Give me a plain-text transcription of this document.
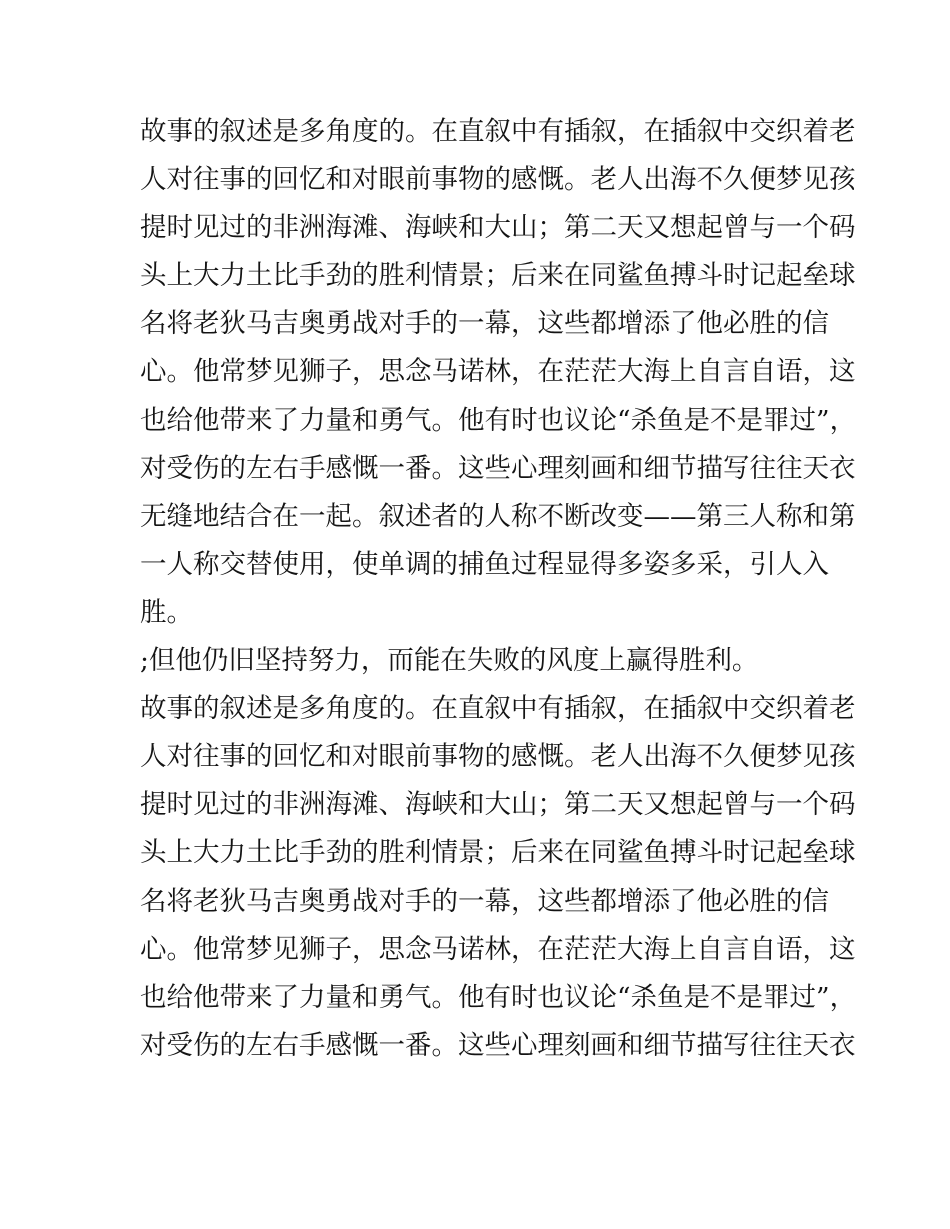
故事的叙述是多角度的。在直叙中有插叙，在插叙中交织着老
人对往事的回忆和对眼前事物的感慨。老人出海不久便梦见孩
提时见过的非洲海滩、海峡和大山；第二天又想起曾与一个码
头上大力土比手劲的胜利情景；后来在同鲨鱼搏斗时记起垒球
名将老狄马吉奥勇战对手的一幕，这些都增添了他必胜的信
心。他常梦见狮子，思念马诺林，在茫茫大海上自言自语，这
也给他带来了力量和勇气。他有时也议论“杀鱼是不是罪过”，
对受伤的左右手感慨一番。这些心理刻画和细节描写往往天衣
无缝地结合在一起。叙述者的人称不断改变——第三人称和第
一人称交替使用，使单调的捕鱼过程显得多姿多采，引人入
胜。
;但他仍旧坚持努力，而能在失败的风度上赢得胜利。
故事的叙述是多角度的。在直叙中有插叙，在插叙中交织着老
人对往事的回忆和对眼前事物的感慨。老人出海不久便梦见孩
提时见过的非洲海滩、海峡和大山；第二天又想起曾与一个码
头上大力土比手劲的胜利情景；后来在同鲨鱼搏斗时记起垒球
名将老狄马吉奥勇战对手的一幕，这些都增添了他必胜的信
心。他常梦见狮子，思念马诺林，在茫茫大海上自言自语，这
也给他带来了力量和勇气。他有时也议论“杀鱼是不是罪过”，
对受伤的左右手感慨一番。这些心理刻画和细节描写往往天衣
